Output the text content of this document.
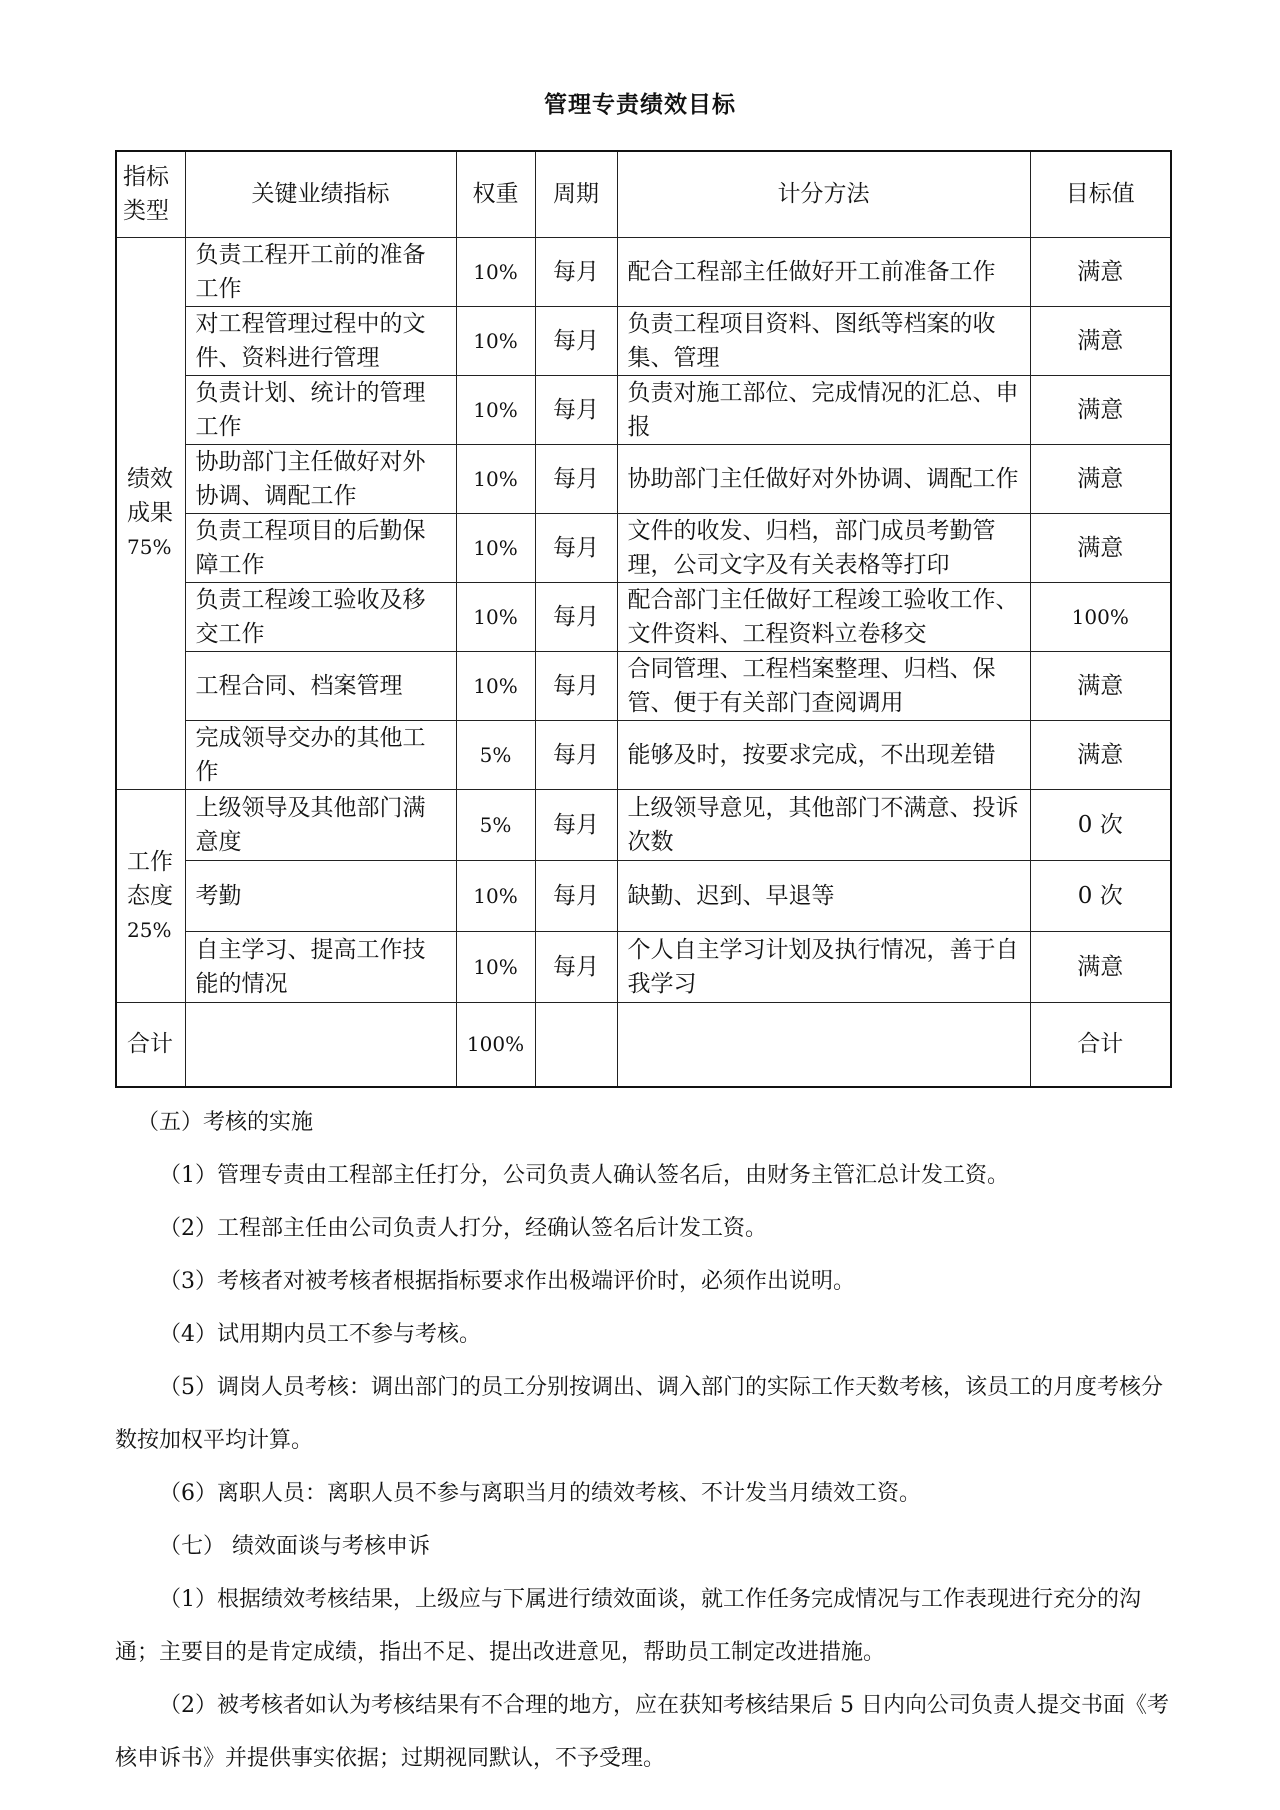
管理专责绩效目标
指标类型	关键业绩指标	权重	周期	计分方法	目标值
绩效成果
75%	负责工程开工前的准备工作	10%	每月	配合工程部主任做好开工前准备工作	满意
	对工程管理过程中的文件、资料进行管理	10%	每月	负责工程项目资料、图纸等档案的收集、管理	满意
	负责计划、统计的管理工作	10%	每月	负责对施工部位、完成情况的汇总、申报	满意
	协助部门主任做好对外协调、调配工作	10%	每月	协助部门主任做好对外协调、调配工作	满意
	负责工程项目的后勤保障工作	10%	每月	文件的收发、归档，部门成员考勤管理，公司文字及有关表格等打印	满意
	负责工程竣工验收及移交工作	10%	每月	配合部门主任做好工程竣工验收工作、文件资料、工程资料立卷移交	100%
	工程合同、档案管理	10%	每月	合同管理、工程档案整理、归档、保管、便于有关部门查阅调用	满意
	完成领导交办的其他工作	5%	每月	能够及时，按要求完成，不出现差错	满意
工作态度
25%	上级领导及其他部门满意度	5%	每月	上级领导意见，其他部门不满意、投诉次数	0 次
	考勤	10%	每月	缺勤、迟到、早退等	0 次
	自主学习、提高工作技能的情况	10%	每月	个人自主学习计划及执行情况，善于自我学习	满意
合计		100%			合计

（五）考核的实施

（1）管理专责由工程部主任打分，公司负责人确认签名后，由财务主管汇总计发工资。

（2）工程部主任由公司负责人打分，经确认签名后计发工资。

（3）考核者对被考核者根据指标要求作出极端评价时，必须作出说明。

（4）试用期内员工不参与考核。

（5）调岗人员考核：调出部门的员工分别按调出、调入部门的实际工作天数考核，该员工的月度考核分数按加权平均计算。

（6）离职人员：离职人员不参与离职当月的绩效考核、不计发当月绩效工资。

（七） 绩效面谈与考核申诉

（1）根据绩效考核结果，上级应与下属进行绩效面谈，就工作任务完成情况与工作表现进行充分的沟通；主要目的是肯定成绩，指出不足、提出改进意见，帮助员工制定改进措施。

（2）被考核者如认为考核结果有不合理的地方，应在获知考核结果后 5 日内向公司负责人提交书面《考核申诉书》并提供事实依据；过期视同默认，不予受理。
